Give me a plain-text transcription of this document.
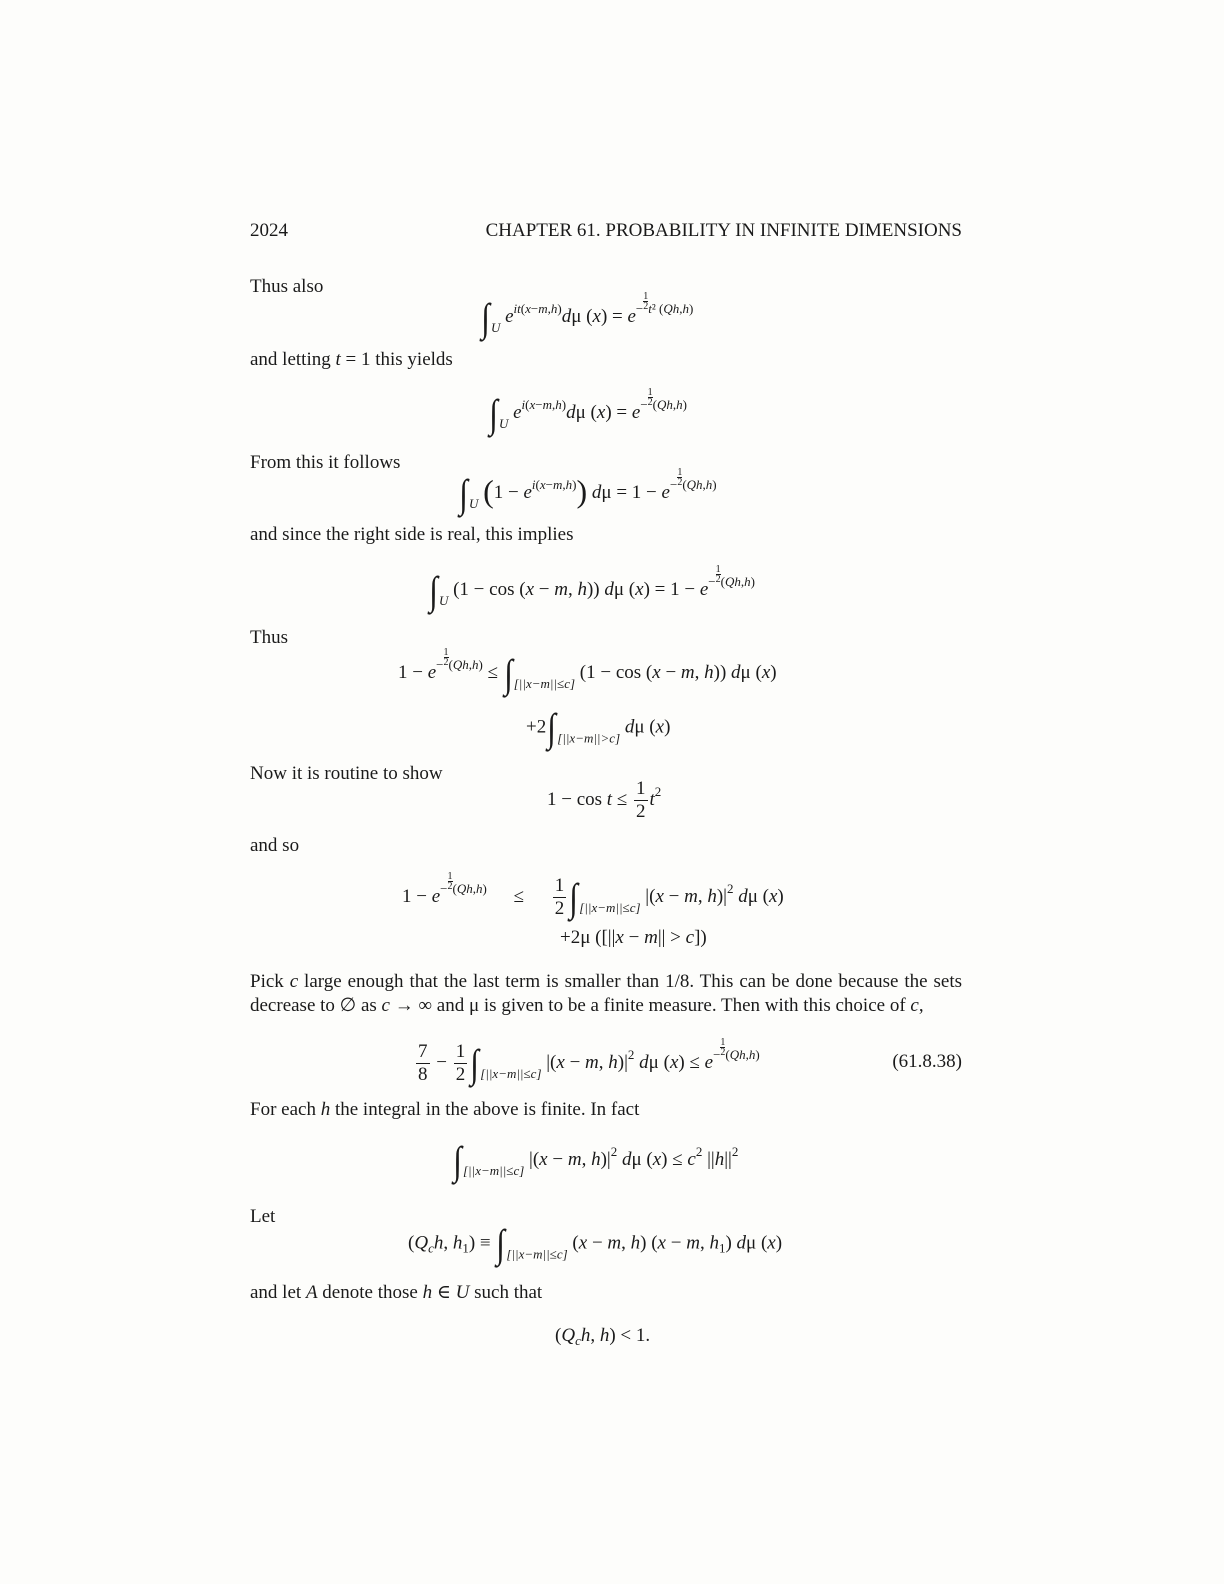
2024	CHAPTER 61. PROBABILITY IN INFINITE DIMENSIONS
Thus also
$\int_U$ $e^{it(x-m,h)}d\mu$ $(x) = e^{- \frac{1}{2} t^2 (Qh,h)}$
and letting t = 1 this yields
$\int_U$ $e^{i(x-m,h)}d\mu$ $(x) = e^{- \frac{1}{2} (Qh,h)}$
From this it follows
$\int_U$ $(1 - e^{i(x-m,h)})$ $d\mu = 1 - e^{- \frac{1}{2} (Qh,h)}$
and since the right side is real, this implies
$\int_U$ (1 − cos (x − m, h)) dμ $(x) = 1 - e^{- \frac{1}{2} (Qh,h)}$
Thus
$1 - e^{- \frac{1}{2} (Qh,h)} \le \int_{[||x-m||\le c]}$ (1 − cos (x − m, h)) dμ (x)
$+2\int_{[||x-m||>c]}$ dμ (x)
Now it is routine to show
$1 - \cos t \le \frac{1}{2} t^2$
and so
$1 - e^{- \frac{1}{2} (Qh,h)} \le \frac{1}{2} \int_{[||x-m||\le c]}$ |(x − m, $h)|^2$ dμ (x)
+2μ ([||x − m|| > c])
Pick c large enough that the last term is smaller than 1/8. This can be done because the sets decrease to ∅ as c → ∞ and μ is given to be a finite measure. Then with this choice of c,
$\frac{7}{8} - \frac{1}{2} \int_{[||x-m||\le c]}$ |(x − m, $h)|^2$ dμ $(x) \le e^{- \frac{1}{2} (Qh,h)}$	(61.8.38)
For each h the integral in the above is finite. In fact
$\int_{[||x-m||\le c]}$ |(x − m, $h)|^2$ dμ $(x) \le c^2$ $||h||^2$
Let
($Q_ch$, $h_1) \equiv \int_{[||x-m||\le c]}$ (x − m, h) (x − m, $h_1$) dμ (x)
and let A denote those h ∈ U such that
($Q_ch$, h) < 1.
